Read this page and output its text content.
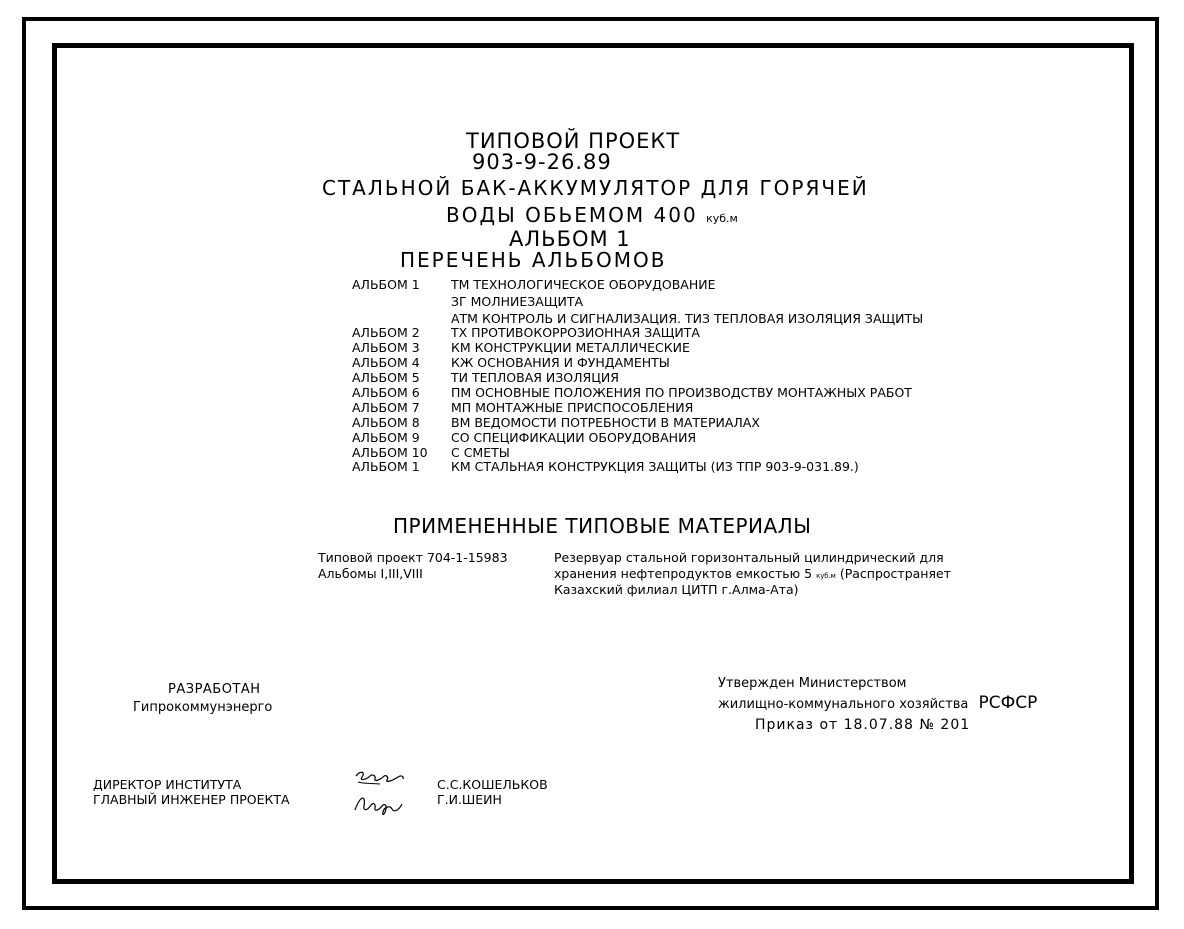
ТИПОВОЙ ПРОЕКТ
903-9-26.89
СТАЛЬНОЙ БАК-АККУМУЛЯТОР ДЛЯ ГОРЯЧЕЙ
ВОДЫ ОБЬЕМОМ 400 куб.м
АЛЬБОМ 1
ПЕРЕЧЕНЬ АЛЬБОМОВ
АЛЬБОМ 1	ТМ ТЕХНОЛОГИЧЕСКОЕ ОБОРУДОВАНИЕ
ЗГ МОЛНИЕЗАЩИТА
АТМ КОНТРОЛЬ И СИГНАЛИЗАЦИЯ. ТИЗ ТЕПЛОВАЯ ИЗОЛЯЦИЯ ЗАЩИТЫ
АЛЬБОМ 2	ТХ ПРОТИВОКОРРОЗИОННАЯ ЗАЩИТА
АЛЬБОМ 3	КМ КОНСТРУКЦИИ МЕТАЛЛИЧЕСКИЕ
АЛЬБОМ 4	КЖ ОСНОВАНИЯ И ФУНДАМЕНТЫ
АЛЬБОМ 5	ТИ ТЕПЛОВАЯ ИЗОЛЯЦИЯ
АЛЬБОМ 6	ПМ ОСНОВНЫЕ ПОЛОЖЕНИЯ ПО ПРОИЗВОДСТВУ МОНТАЖНЫХ РАБОТ
АЛЬБОМ 7	МП МОНТАЖНЫЕ ПРИСПОСОБЛЕНИЯ
АЛЬБОМ 8	ВМ ВЕДОМОСТИ ПОТРЕБНОСТИ В МАТЕРИАЛАХ
АЛЬБОМ 9	СО СПЕЦИФИКАЦИИ ОБОРУДОВАНИЯ
АЛЬБОМ 10 С СМЕТЫ
АЛЬБОМ 1	КМ СТАЛЬНАЯ КОНСТРУКЦИЯ ЗАЩИТЫ (ИЗ ТПР 903-9-031.89.)
ПРИМЕНЕННЫЕ ТИПОВЫЕ МАТЕРИАЛЫ
Типовой проект 704-1-15983
Альбомы I,III,VIII
Резервуар стальной горизонтальный цилиндрический для
хранения нефтепродуктов емкостью 5 куб.м (Распространяет
Казахский филиал ЦИТП г.Алма-Ата)
РАЗРАБОТАН
Гипрокоммунэнерго
Утвержден Министерством
жилищно-коммунального хозяйства РСФСР
Приказ от 18.07.88 № 201
ДИРЕКТОР ИНСТИТУТА
ГЛАВНЫЙ ИНЖЕНЕР ПРОЕКТА
С.С.КОШЕЛЬКОВ
Г.И.ШЕИН
